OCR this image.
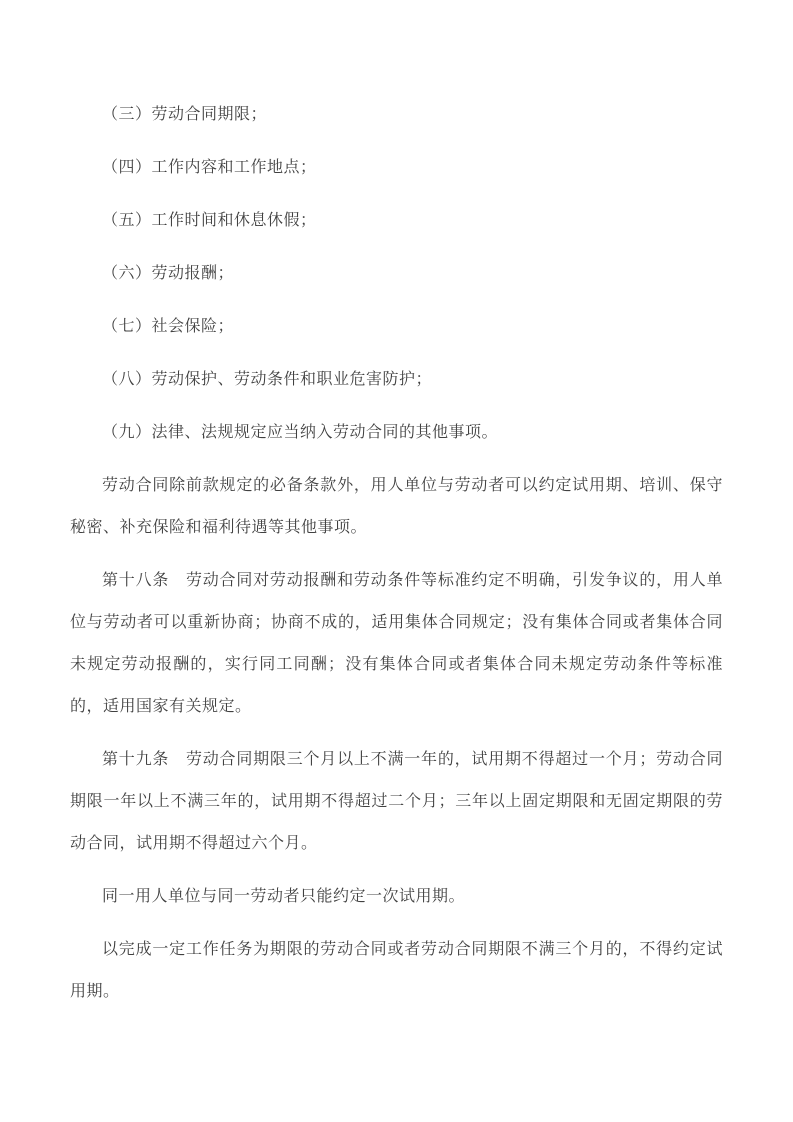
（三）劳动合同期限；

（四）工作内容和工作地点；

（五）工作时间和休息休假；

（六）劳动报酬；

（七）社会保险；

（八）劳动保护、劳动条件和职业危害防护；

（九）法律、法规规定应当纳入劳动合同的其他事项。

劳动合同除前款规定的必备条款外，用人单位与劳动者可以约定试用期、培训、保守秘密、补充保险和福利待遇等其他事项。

第十八条　劳动合同对劳动报酬和劳动条件等标准约定不明确，引发争议的，用人单位与劳动者可以重新协商；协商不成的，适用集体合同规定；没有集体合同或者集体合同未规定劳动报酬的，实行同工同酬；没有集体合同或者集体合同未规定劳动条件等标准的，适用国家有关规定。

第十九条　劳动合同期限三个月以上不满一年的，试用期不得超过一个月；劳动合同期限一年以上不满三年的，试用期不得超过二个月；三年以上固定期限和无固定期限的劳动合同，试用期不得超过六个月。

同一用人单位与同一劳动者只能约定一次试用期。

以完成一定工作任务为期限的劳动合同或者劳动合同期限不满三个月的，不得约定试用期。
